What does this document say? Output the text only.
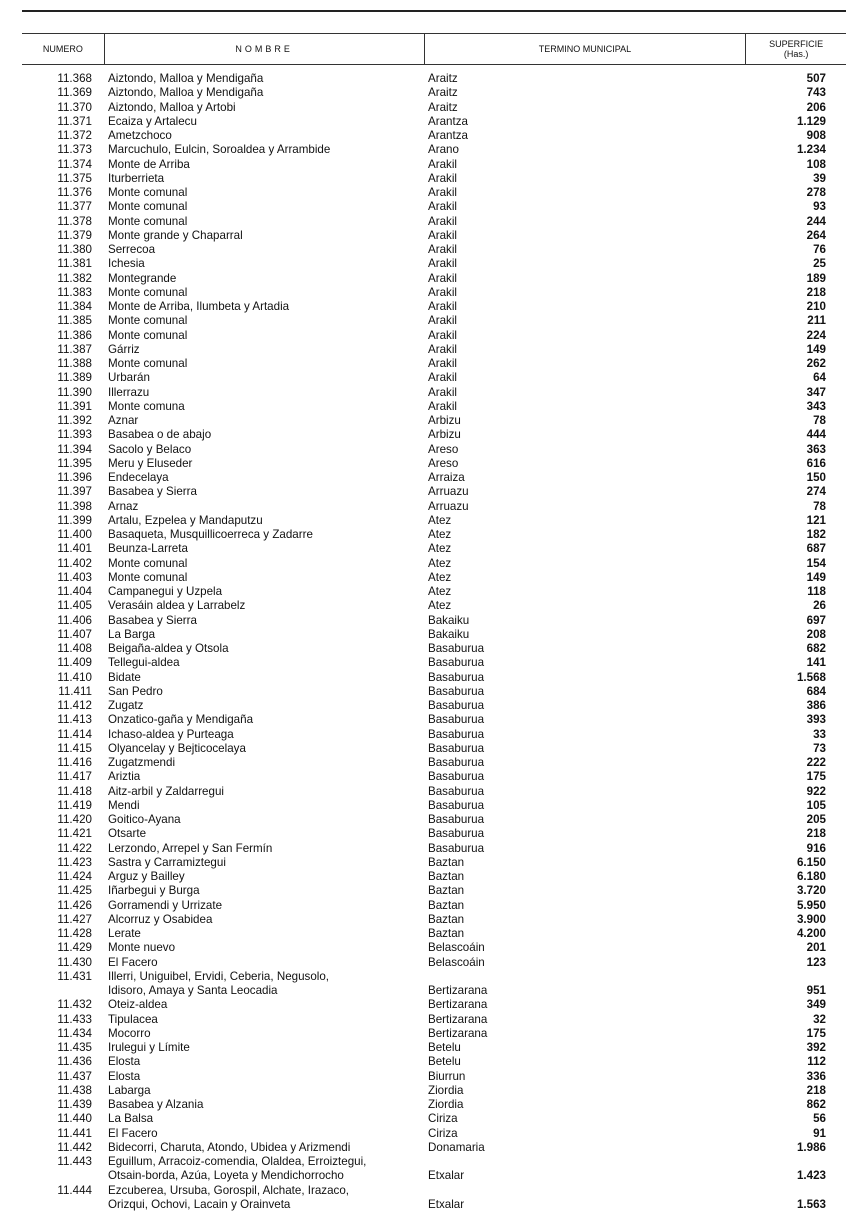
NUMERO	NOMBRE	TERMINO MUNICIPAL	SUPERFICIE
(Has.)
11.368 Aiztondo, Malloa y Mendigaña	Araitz	507
11.369 Aiztondo, Malloa y Mendigaña	Araitz	743
11.370 Aiztondo, Malloa y Artobi	Araitz	206
11.371 Ecaiza y Artalecu	Arantza	1.129
11.372 Ametzchoco	Arantza	908
11.373 Marcuchulo, Eulcin, Soroaldea y Arrambide	Arano	1.234
11.374 Monte de Arriba	Arakil	108
11.375 Iturberrieta	Arakil	39
11.376 Monte comunal	Arakil	278
11.377 Monte comunal	Arakil	93
11.378 Monte comunal	Arakil	244
11.379 Monte grande y Chaparral	Arakil	264
11.380 Serrecoa	Arakil	76
11.381 Ichesia	Arakil	25
11.382 Montegrande	Arakil	189
11.383 Monte comunal	Arakil	218
11.384 Monte de Arriba, Ilumbeta y Artadia	Arakil	210
11.385 Monte comunal	Arakil	211
11.386 Monte comunal	Arakil	224
11.387 Gárriz	Arakil	149
11.388 Monte comunal	Arakil	262
11.389 Urbarán	Arakil	64
11.390 Illerrazu	Arakil	347
11.391 Monte comuna	Arakil	343
11.392 Aznar	Arbizu	78
11.393 Basabea o de abajo	Arbizu	444
11.394 Sacolo y Belaco	Areso	363
11.395 Meru y Eluseder	Areso	616
11.396 Endecelaya	Arraiza	150
11.397 Basabea y Sierra	Arruazu	274
11.398 Arnaz	Arruazu	78
11.399 Artalu, Ezpelea y Mandaputzu	Atez	121
11.400 Basaqueta, Musquillicoerreca y Zadarre	Atez	182
11.401 Beunza-Larreta	Atez	687
11.402 Monte comunal	Atez	154
11.403 Monte comunal	Atez	149
11.404 Campanegui y Uzpela	Atez	118
11.405 Verasáin aldea y Larrabelz	Atez	26
11.406 Basabea y Sierra	Bakaiku	697
11.407 La Barga	Bakaiku	208
11.408 Beigaña-aldea y Otsola	Basaburua	682
11.409 Tellegui-aldea	Basaburua	141
11.410 Bidate	Basaburua	1.568
11.411 San Pedro	Basaburua	684
11.412 Zugatz	Basaburua	386
11.413 Onzatico-gaña y Mendigaña	Basaburua	393
11.414 Ichaso-aldea y Purteaga	Basaburua	33
11.415 Olyancelay y Bejticocelaya	Basaburua	73
11.416 Zugatzmendi	Basaburua	222
11.417 Ariztia	Basaburua	175
11.418 Aitz-arbil y Zaldarregui	Basaburua	922
11.419 Mendi	Basaburua	105
11.420 Goitico-Ayana	Basaburua	205
11.421 Otsarte	Basaburua	218
11.422 Lerzondo, Arrepel y San Fermín	Basaburua	916
11.423 Sastra y Carramiztegui	Baztan	6.150
11.424 Arguz y Bailley	Baztan	6.180
11.425 Iñarbegui y Burga	Baztan	3.720
11.426 Gorramendi y Urrizate	Baztan	5.950
11.427 Alcorruz y Osabidea	Baztan	3.900
11.428 Lerate	Baztan	4.200
11.429 Monte nuevo	Belascoáin	201
11.430 El Facero	Belascoáin	123
11.431 Illerri, Uniguibel, Ervidi, Ceberia, Negusolo,
Idisoro, Amaya y Santa Leocadia	Bertizarana	951
11.432 Oteiz-aldea	Bertizarana	349
11.433 Tipulacea	Bertizarana	32
11.434 Mocorro	Bertizarana	175
11.435 Irulegui y Límite	Betelu	392
11.436 Elosta	Betelu	112
11.437 Elosta	Biurrun	336
11.438 Labarga	Ziordia	218
11.439 Basabea y Alzania	Ziordia	862
11.440 La Balsa	Ciriza	56
11.441 El Facero	Ciriza	91
11.442 Bidecorri, Charuta, Atondo, Ubidea y Arizmendi	Donamaria	1.986
11.443 Eguillum, Arracoiz-comendia, Olaldea, Erroiztegui,
Otsain-borda, Azúa, Loyeta y Mendichorrocho	Etxalar	1.423
11.444 Ezcuberea, Ursuba, Gorospil, Alchate, Irazaco,
Orizqui, Ochovi, Lacain y Orainveta	Etxalar	1.563
